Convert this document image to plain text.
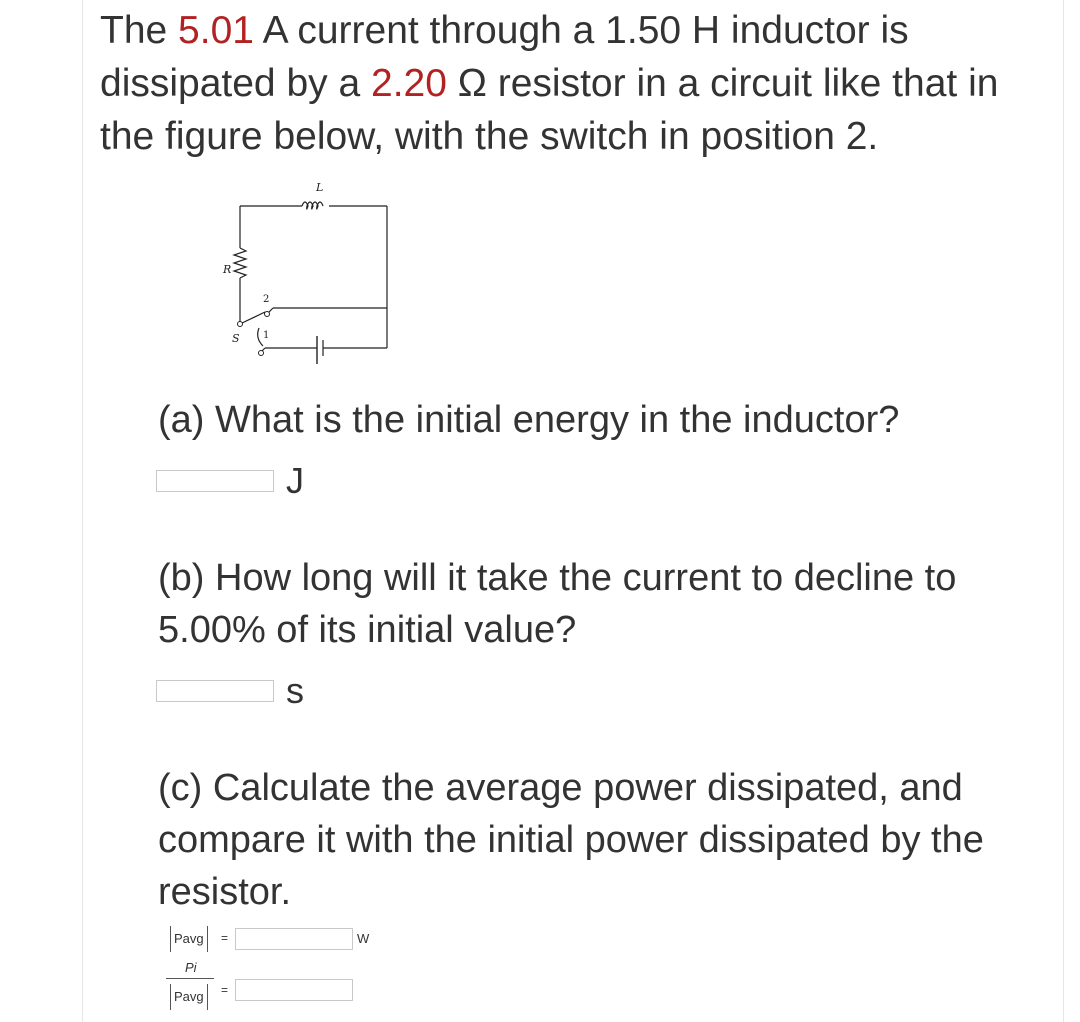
The 5.01 A current through a 1.50 H inductor is dissipated by a 2.20 Ω resistor in a circuit like that in the figure below, with the switch in position 2.
L
R
S 1
2
(a) What is the initial energy in the inductor?
J
(b) How long will it take the current to decline to 5.00% of its initial value?
s
(c) Calculate the average power dissipated, and compare it with the initial power dissipated by the resistor.
Pavg	=	W
Pi
Pavg	=
